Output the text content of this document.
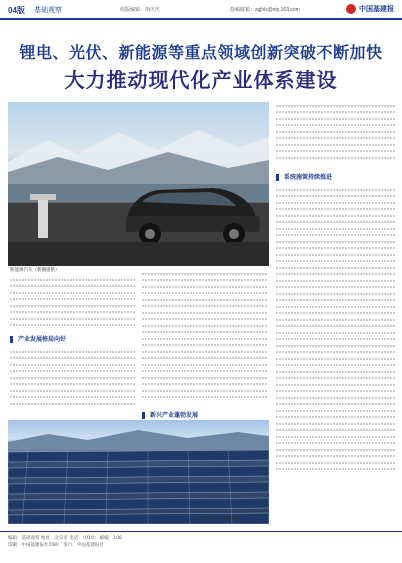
04版 基础观察	组版编辑：胡庆庆	投稿邮箱：zgjhls@vip.163.com	中国基建报
锂电、光伏、新能源等重点领域创新突破不断加快
大力推动现代化产业体系建设
新能源汽车（新疆提供）
产业发展格局向好
光伏发电（新疆提供）
系统施策持续推进
新兴产业蓬勃发展
编辑：基础观察 地址：北京市 电话：（010） 邮编：100
印刷：中国基建报社印刷厂 发行：中国基建报社
